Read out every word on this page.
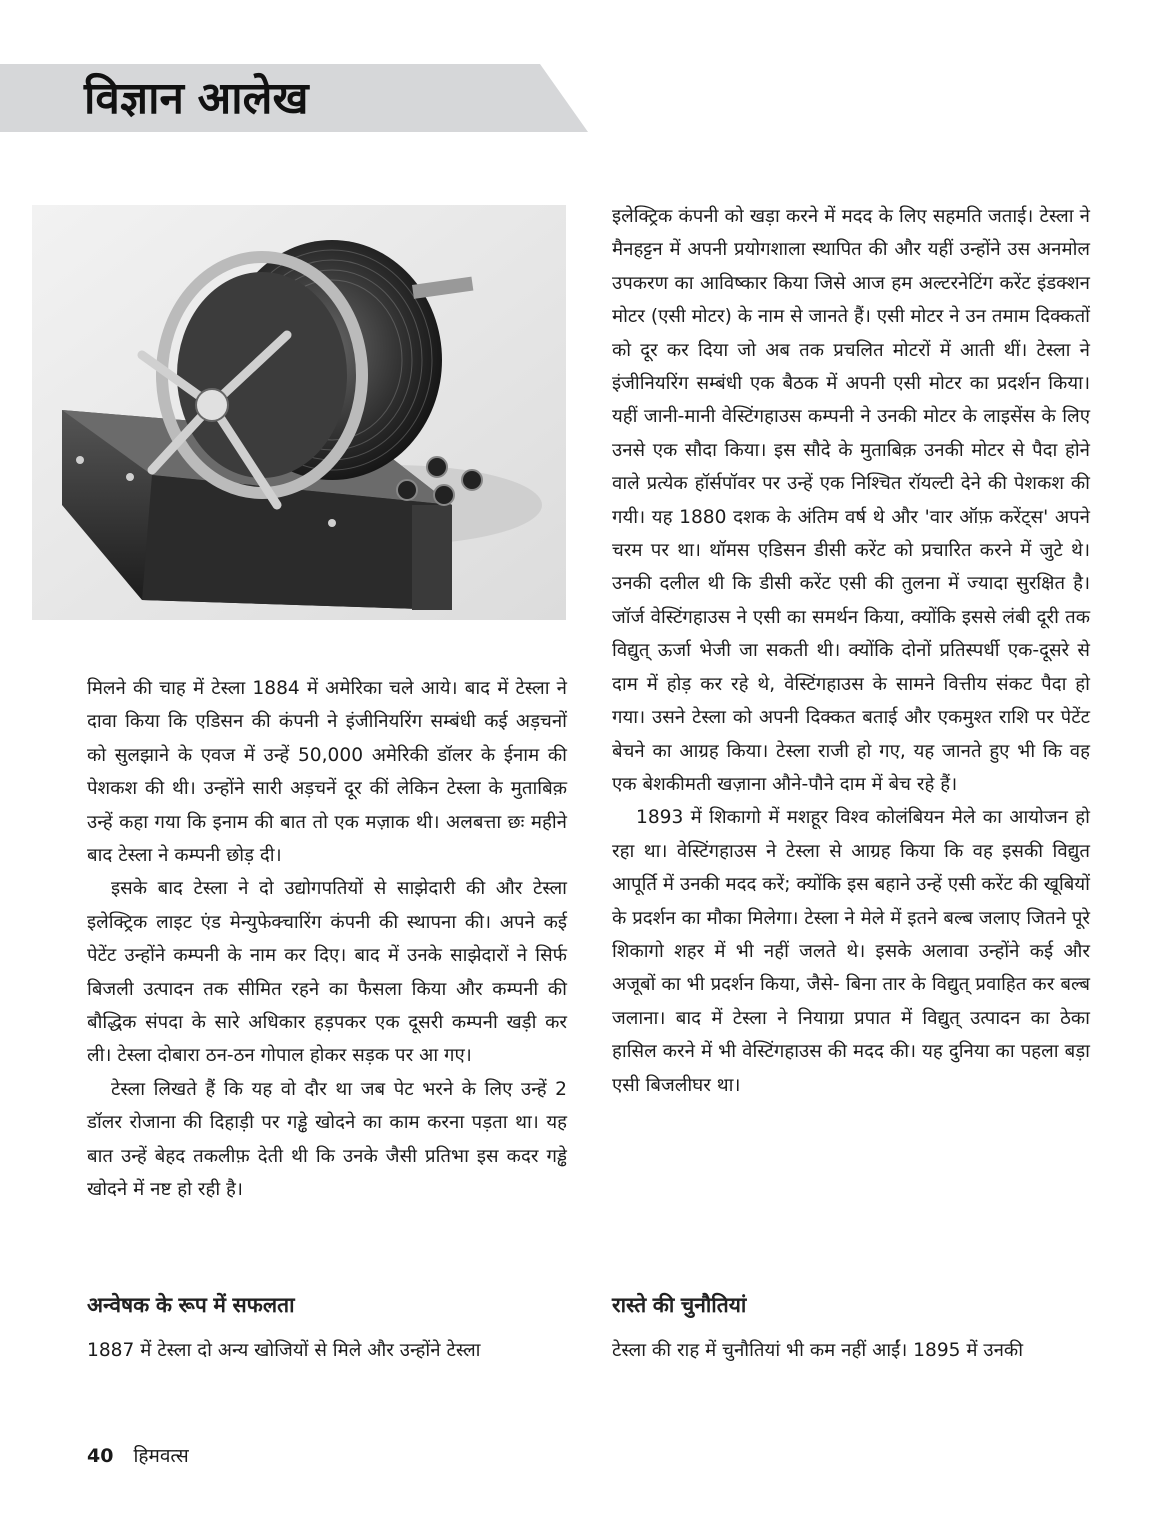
विज्ञान आलेख

मिलने की चाह में टेस्ला 1884 में अमेरिका चले आये। बाद में टेस्ला ने दावा किया कि एडिसन की कंपनी ने इंजीनियरिंग सम्बंधी कई अड़चनों को सुलझाने के एवज में उन्हें 50,000 अमेरिकी डॉलर के ईनाम की पेशकश की थी। उन्होंने सारी अड़चनें दूर कीं लेकिन टेस्ला के मुताबिक़ उन्हें कहा गया कि इनाम की बात तो एक मज़ाक थी। अलबत्ता छः महीने बाद टेस्ला ने कम्पनी छोड़ दी।

इसके बाद टेस्ला ने दो उद्योगपतियों से साझेदारी की और टेस्ला इलेक्ट्रिक लाइट एंड मेन्युफेक्चारिंग कंपनी की स्थापना की। अपने कई पेटेंट उन्होंने कम्पनी के नाम कर दिए। बाद में उनके साझेदारों ने सिर्फ बिजली उत्पादन तक सीमित रहने का फैसला किया और कम्पनी की बौद्धिक संपदा के सारे अधिकार हड़पकर एक दूसरी कम्पनी खड़ी कर ली। टेस्ला दोबारा ठन-ठन गोपाल होकर सड़क पर आ गए।

टेस्ला लिखते हैं कि यह वो दौर था जब पेट भरने के लिए उन्हें 2 डॉलर रोजाना की दिहाड़ी पर गड्ढे खोदने का काम करना पड़ता था। यह बात उन्हें बेहद तकलीफ़ देती थी कि उनके जैसी प्रतिभा इस कदर गड्ढे खोदने में नष्ट हो रही है।

अन्वेषक के रूप में सफलता

1887 में टेस्ला दो अन्य खोजियों से मिले और उन्होंने टेस्ला

इलेक्ट्रिक कंपनी को खड़ा करने में मदद के लिए सहमति जताई। टेस्ला ने मैनहट्टन में अपनी प्रयोगशाला स्थापित की और यहीं उन्होंने उस अनमोल उपकरण का आविष्कार किया जिसे आज हम अल्टरनेटिंग करेंट इंडक्शन मोटर (एसी मोटर) के नाम से जानते हैं। एसी मोटर ने उन तमाम दिक्कतों को दूर कर दिया जो अब तक प्रचलित मोटरों में आती थीं। टेस्ला ने इंजीनियरिंग सम्बंधी एक बैठक में अपनी एसी मोटर का प्रदर्शन किया। यहीं जानी-मानी वेस्टिंगहाउस कम्पनी ने उनकी मोटर के लाइसेंस के लिए उनसे एक सौदा किया। इस सौदे के मुताबिक़ उनकी मोटर से पैदा होने वाले प्रत्येक हॉर्सपॉवर पर उन्हें एक निश्चित रॉयल्टी देने की पेशकश की गयी। यह 1880 दशक के अंतिम वर्ष थे और 'वार ऑफ़ करेंट्स' अपने चरम पर था। थॉमस एडिसन डीसी करेंट को प्रचारित करने में जुटे थे। उनकी दलील थी कि डीसी करेंट एसी की तुलना में ज्यादा सुरक्षित है। जॉर्ज वेस्टिंगहाउस ने एसी का समर्थन किया, क्योंकि इससे लंबी दूरी तक विद्युत् ऊर्जा भेजी जा सकती थी। क्योंकि दोनों प्रतिस्पर्धी एक-दूसरे से दाम में होड़ कर रहे थे, वेस्टिंगहाउस के सामने वित्तीय संकट पैदा हो गया। उसने टेस्ला को अपनी दिक्कत बताई और एकमुश्त राशि पर पेटेंट बेचने का आग्रह किया। टेस्ला राजी हो गए, यह जानते हुए भी कि वह एक बेशकीमती खज़ाना औने-पौने दाम में बेच रहे हैं।

1893 में शिकागो में मशहूर विश्व कोलंबियन मेले का आयोजन हो रहा था। वेस्टिंगहाउस ने टेस्ला से आग्रह किया कि वह इसकी विद्युत आपूर्ति में उनकी मदद करें; क्योंकि इस बहाने उन्हें एसी करेंट की खूबियों के प्रदर्शन का मौका मिलेगा। टेस्ला ने मेले में इतने बल्ब जलाए जितने पूरे शिकागो शहर में भी नहीं जलते थे। इसके अलावा उन्होंने कई और अजूबों का भी प्रदर्शन किया, जैसे- बिना तार के विद्युत् प्रवाहित कर बल्ब जलाना। बाद में टेस्ला ने नियाग्रा प्रपात में विद्युत् उत्पादन का ठेका हासिल करने में भी वेस्टिंगहाउस की मदद की। यह दुनिया का पहला बड़ा एसी बिजलीघर था।

रास्ते की चुनौतियां

टेस्ला की राह में चुनौतियां भी कम नहीं आईं। 1895 में उनकी

40 हिमवत्स
